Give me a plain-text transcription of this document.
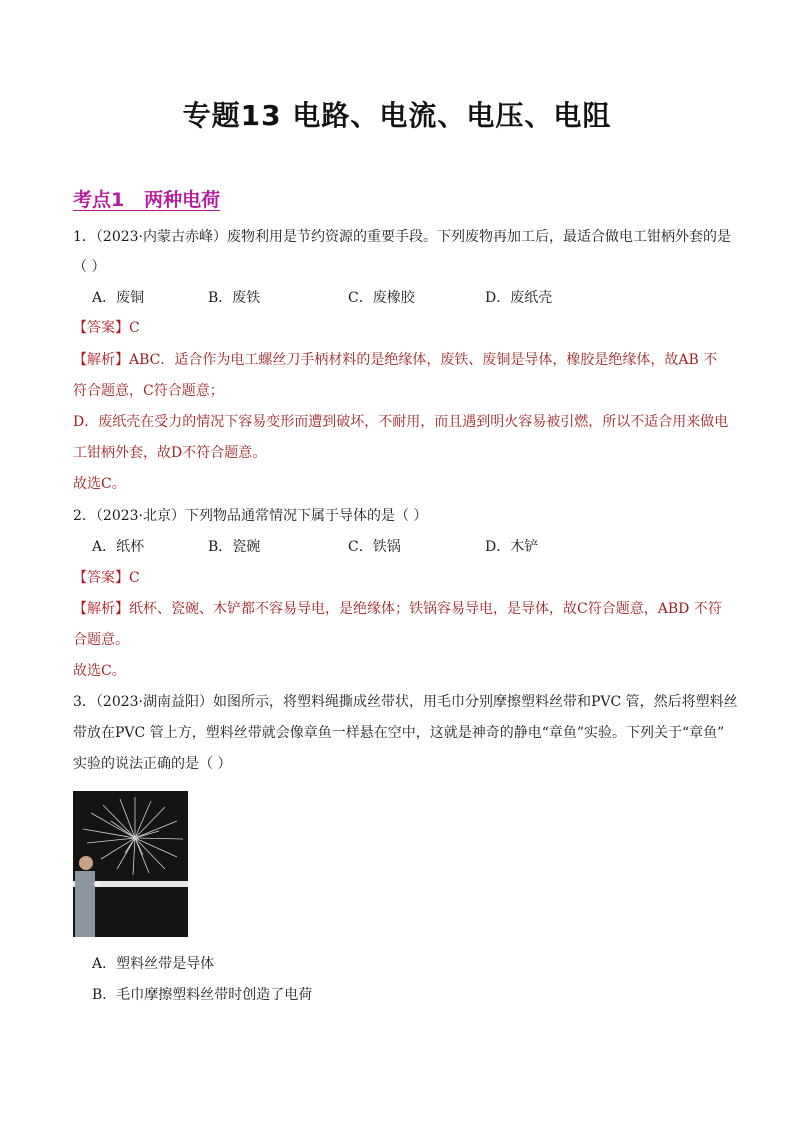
专题13 电路、电流、电压、电阻
考点1   两种电荷
1．（2023·内蒙古赤峰）废物利用是节约资源的重要手段。下列废物再加工后，最适合做电工钳柄外套的是
（ ）
A．废铜	B．废铁	C．废橡胶	D．废纸壳
【答案】C
【解析】ABC．适合作为电工螺丝刀手柄材料的是绝缘体，废铁、废铜是导体，橡胶是绝缘体，故AB 不
符合题意，C符合题意；
D．废纸壳在受力的情况下容易变形而遭到破坏，不耐用，而且遇到明火容易被引燃，所以不适合用来做电
工钳柄外套，故D不符合题意。
故选C。
2．（2023·北京）下列物品通常情况下属于导体的是（ ）
A．纸杯	B．瓷碗	C．铁锅	D．木铲
【答案】C
【解析】纸杯、瓷碗、木铲都不容易导电，是绝缘体；铁锅容易导电，是导体，故C符合题意，ABD 不符
合题意。
故选C。
3．（2023·湖南益阳）如图所示，将塑料绳撕成丝带状，用毛巾分别摩擦塑料丝带和PVC 管，然后将塑料丝
带放在PVC 管上方，塑料丝带就会像章鱼一样悬在空中，这就是神奇的静电“章鱼”实验。下列关于“章鱼”
实验的说法正确的是（ ）
A．塑料丝带是导体
B．毛巾摩擦塑料丝带时创造了电荷
